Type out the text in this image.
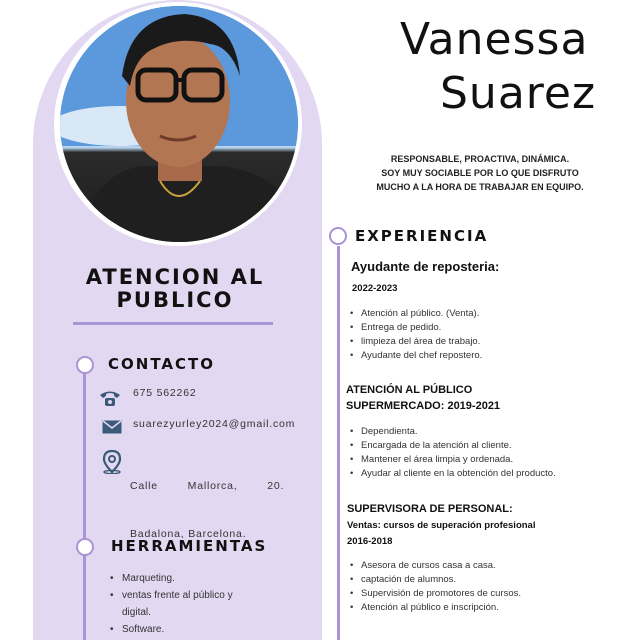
ATENCION AL PUBLICO
CONTACTO
675 562262
suarezyurley2024@gmail.com

Calle        Mallorca,        20.

Badalona, Barcelona.

HERRAMIENTAS
• Marqueting.
• ventas frente al público y
digital.
• Software.
Vanessa
Suarez
RESPONSABLE, PROACTIVA, DINÁMICA.
SOY MUY SOCIABLE POR LO QUE DISFRUTO
MUCHO A LA HORA DE TRABAJAR EN EQUIPO.
EXPERIENCIA
Ayudante de reposteria:
2022-2023
• Atención al público. (Venta).
• Entrega de pedido.
• limpieza del área de trabajo.
• Ayudante del chef repostero.
ATENCIÓN AL PÚBLICO
SUPERMERCADO: 2019-2021
• Dependienta.
• Encargada de la atención al cliente.
• Mantener el área limpia y ordenada.
• Ayudar al cliente en la obtención del producto.
SUPERVISORA DE PERSONAL:
Ventas: cursos de superación profesional
2016-2018
• Asesora de cursos casa a casa.
• captación de alumnos.
• Supervisión de promotores de cursos.
• Atención al público e inscripción.
